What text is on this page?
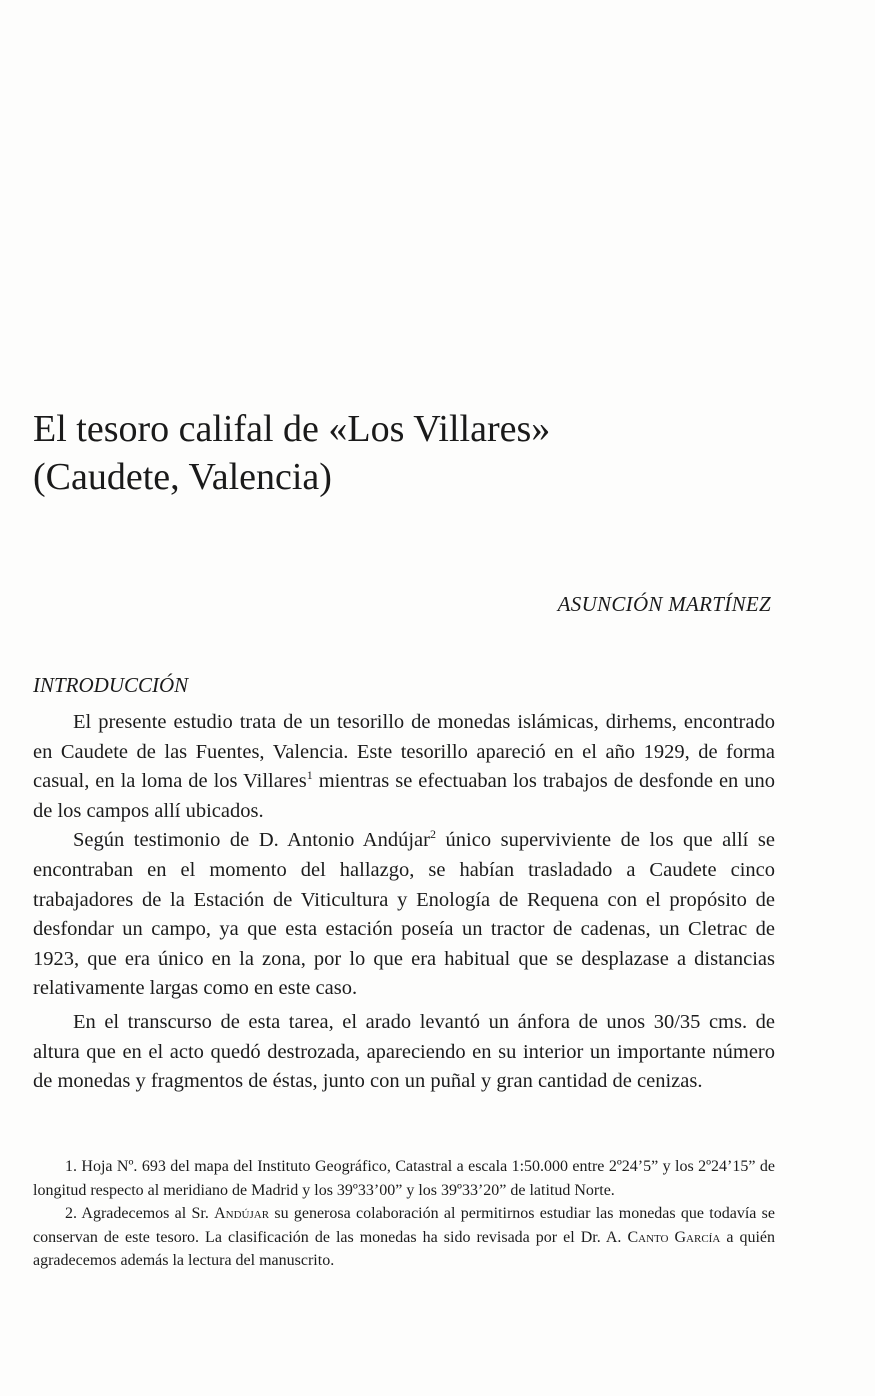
El tesoro califal de «Los Villares»
(Caudete, Valencia)
ASUNCIÓN MARTÍNEZ
INTRODUCCIÓN

El presente estudio trata de un tesorillo de monedas islámicas, dirhems, encontrado en Caudete de las Fuentes, Valencia. Este tesorillo apareció en el año 1929, de forma casual, en la loma de los Villares$^1$ mientras se efectuaban los trabajos de desfonde en uno de los campos allí ubicados.

Según testimonio de D. Antonio Andújar$^2$ único superviviente de los que allí se encontraban en el momento del hallazgo, se habían trasladado a Caudete cinco trabajadores de la Estación de Viticultura y Enología de Requena con el propósito de desfondar un campo, ya que esta estación poseía un tractor de cadenas, un Cletrac de 1923, que era único en la zona, por lo que era habitual que se desplazase a distancias relativamente largas como en este caso.

En el transcurso de esta tarea, el arado levantó un ánfora de unos 30/35 cms. de altura que en el acto quedó destrozada, apareciendo en su interior un importante número de monedas y fragmentos de éstas, junto con un puñal y gran cantidad de cenizas.

1. Hoja Nº. 693 del mapa del Instituto Geográfico, Catastral a escala 1:50.000 entre 2º24’5” y los 2º24’15” de longitud respecto al meridiano de Madrid y los 39º33’00” y los 39º33’20” de latitud Norte.

2. Agradecemos al Sr. Andújar su generosa colaboración al permitirnos estudiar las monedas que todavía se conservan de este tesoro. La clasificación de las monedas ha sido revisada por el Dr. A. Canto García a quién agradecemos además la lectura del manuscrito.
